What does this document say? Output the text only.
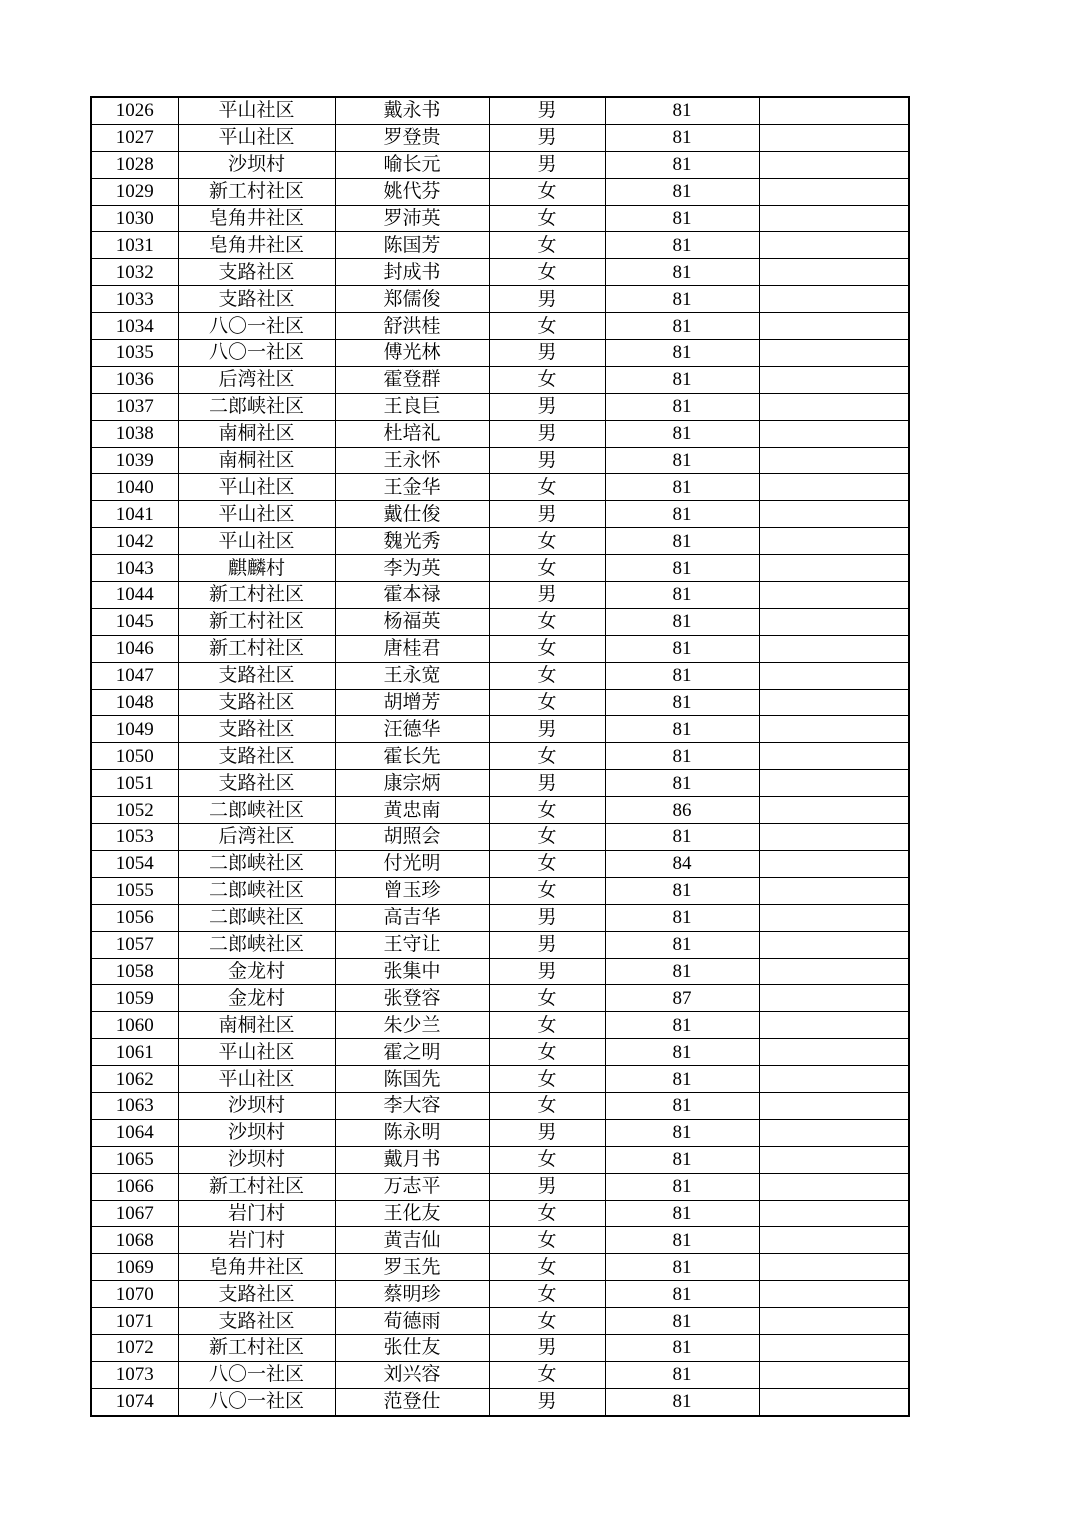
1026	平山社区	戴永书	男	81	
1027	平山社区	罗登贵	男	81	
1028	沙坝村	喻长元	男	81	
1029	新工村社区	姚代芬	女	81	
1030	皂角井社区	罗沛英	女	81	
1031	皂角井社区	陈国芳	女	81	
1032	支路社区	封成书	女	81	
1033	支路社区	郑儒俊	男	81	
1034	八〇一社区	舒洪桂	女	81	
1035	八〇一社区	傅光林	男	81	
1036	后湾社区	霍登群	女	81	
1037	二郎峡社区	王良巨	男	81	
1038	南桐社区	杜培礼	男	81	
1039	南桐社区	王永怀	男	81	
1040	平山社区	王金华	女	81	
1041	平山社区	戴仕俊	男	81	
1042	平山社区	魏光秀	女	81	
1043	麒麟村	李为英	女	81	
1044	新工村社区	霍本禄	男	81	
1045	新工村社区	杨福英	女	81	
1046	新工村社区	唐桂君	女	81	
1047	支路社区	王永宽	女	81	
1048	支路社区	胡增芳	女	81	
1049	支路社区	汪德华	男	81	
1050	支路社区	霍长先	女	81	
1051	支路社区	康宗炳	男	81	
1052	二郎峡社区	黄忠南	女	86	
1053	后湾社区	胡照会	女	81	
1054	二郎峡社区	付光明	女	84	
1055	二郎峡社区	曾玉珍	女	81	
1056	二郎峡社区	高吉华	男	81	
1057	二郎峡社区	王守让	男	81	
1058	金龙村	张集中	男	81	
1059	金龙村	张登容	女	87	
1060	南桐社区	朱少兰	女	81	
1061	平山社区	霍之明	女	81	
1062	平山社区	陈国先	女	81	
1063	沙坝村	李大容	女	81	
1064	沙坝村	陈永明	男	81	
1065	沙坝村	戴月书	女	81	
1066	新工村社区	万志平	男	81	
1067	岩门村	王化友	女	81	
1068	岩门村	黄吉仙	女	81	
1069	皂角井社区	罗玉先	女	81	
1070	支路社区	蔡明珍	女	81	
1071	支路社区	荀德雨	女	81	
1072	新工村社区	张仕友	男	81	
1073	八〇一社区	刘兴容	女	81	
1074	八〇一社区	范登仕	男	81	
